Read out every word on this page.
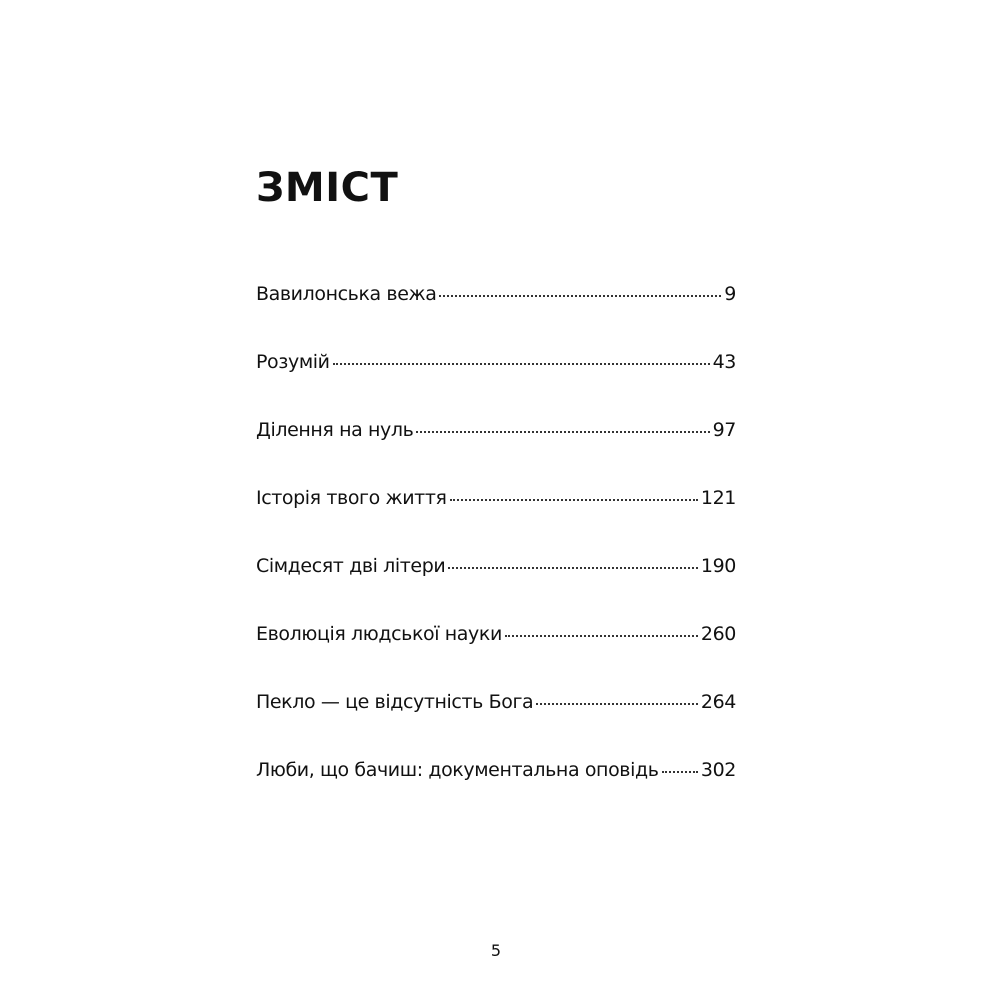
ЗМІСТ
Вавилонська вежа	9
Розумій	43
Ділення на нуль	97
Історія твого життя	121
Сімдесят дві літери	190
Еволюція людської науки	260
Пекло — це відсутність Бога	264
Люби, що бачиш: документальна оповідь 302
5
